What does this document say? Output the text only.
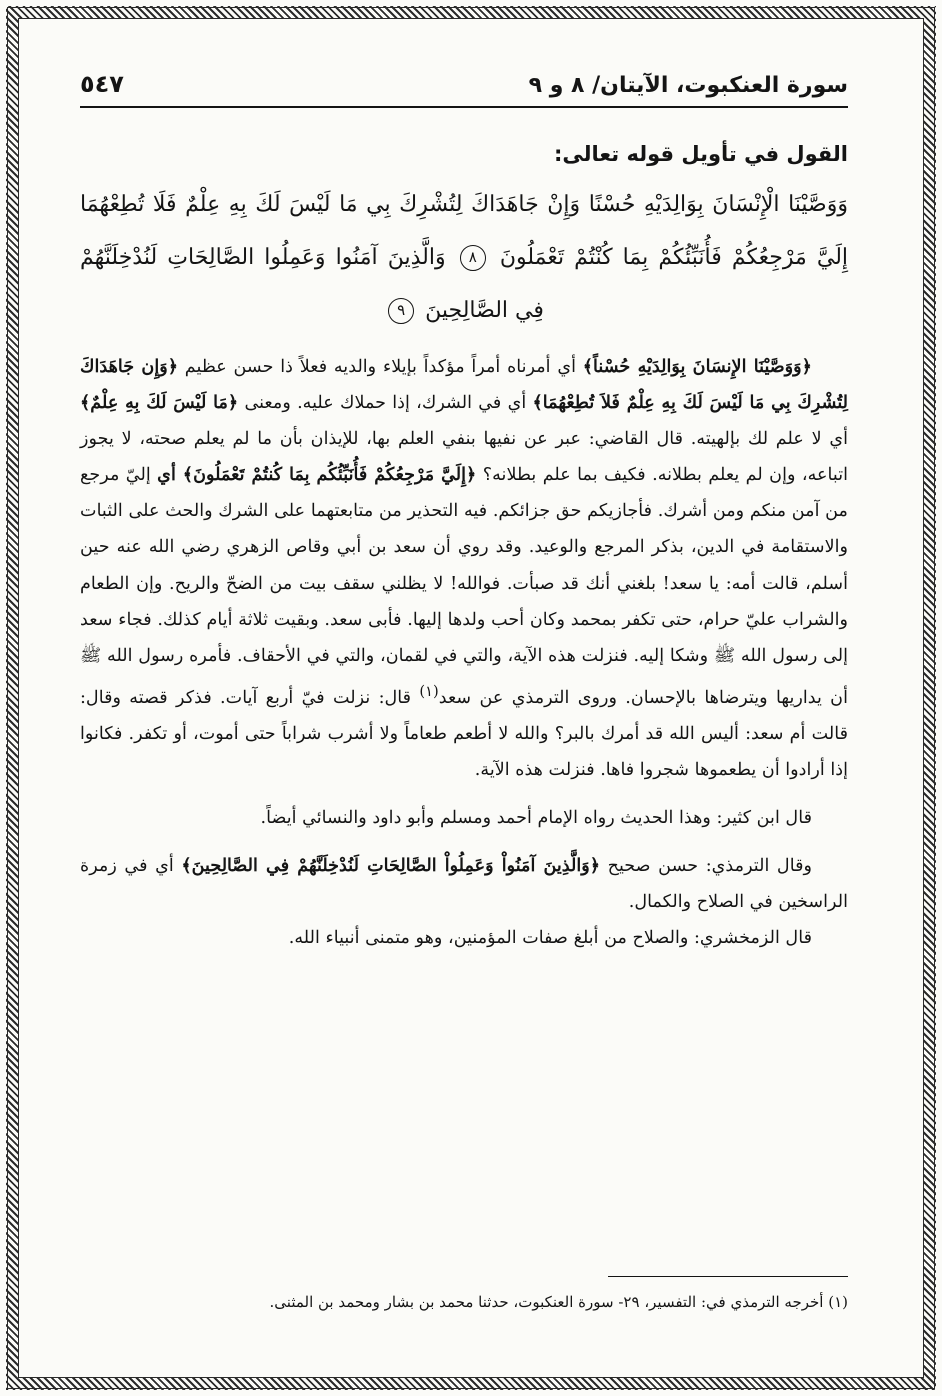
سورة العنكبوت، الآيتان/ ٨ و ٩
٥٤٧
القول في تأويل قوله تعالى:
وَوَصَّيْنَا الْإِنْسَانَ بِوَالِدَيْهِ حُسْنًا وَإِنْ جَاهَدَاكَ لِتُشْرِكَ بِي مَا لَيْسَ لَكَ بِهِ عِلْمٌ فَلَا تُطِعْهُمَا إِلَيَّ مَرْجِعُكُمْ فَأُنَبِّئُكُمْ بِمَا كُنْتُمْ تَعْمَلُونَ ٨ وَالَّذِينَ آمَنُوا وَعَمِلُوا الصَّالِحَاتِ لَنُدْخِلَنَّهُمْ فِي الصَّالِحِينَ ٩

﴿وَوَصَّيْنَا الإِنسَانَ بِوَالِدَيْهِ حُسْناً﴾ أي أمرناه أمراً مؤكداً بإيلاء والديه فعلاً ذا حسن عظيم ﴿وَإِن جَاهَدَاكَ لِتُشْرِكَ بِي مَا لَيْسَ لَكَ بِهِ عِلْمٌ فَلاَ تُطِعْهُمَا﴾ أي في الشرك، إذا حملاك عليه. ومعنى ﴿مَا لَيْسَ لَكَ بِهِ عِلْمٌ﴾ أي لا علم لك بإلهيته. قال القاضي: عبر عن نفيها بنفي العلم بها، للإيذان بأن ما لم يعلم صحته، لا يجوز اتباعه، وإن لم يعلم بطلانه. فكيف بما علم بطلانه؟ ﴿إِلَيَّ مَرْجِعُكُمْ فَأُنَبِّئُكُم بِمَا كُنتُمْ تَعْمَلُونَ﴾ أي إليّ مرجع من آمن منكم ومن أشرك. فأجازيكم حق جزائكم. فيه التحذير من متابعتهما على الشرك والحث على الثبات والاستقامة في الدين، بذكر المرجع والوعيد. وقد روي أن سعد بن أبي وقاص الزهري رضي الله عنه حين أسلم، قالت أمه: يا سعد! بلغني أنك قد صبأت. فوالله! لا يظلني سقف بيت من الضحّ والريح. وإن الطعام والشراب عليّ حرام، حتى تكفر بمحمد وكان أحب ولدها إليها. فأبى سعد. وبقيت ثلاثة أيام كذلك. فجاء سعد إلى رسول الله ﷺ وشكا إليه. فنزلت هذه الآية، والتي في لقمان، والتي في الأحقاف. فأمره رسول الله ﷺ أن يداريها ويترضاها بالإحسان. وروى الترمذي عن سعد$^{(١)}$ قال: نزلت فيّ أربع آيات. فذكر قصته وقال: قالت أم سعد: أليس الله قد أمرك بالبر؟ والله لا أطعم طعاماً ولا أشرب شراباً حتى أموت، أو تكفر. فكانوا إذا أرادوا أن يطعموها شجروا فاها. فنزلت هذه الآية.

قال ابن كثير: وهذا الحديث رواه الإمام أحمد ومسلم وأبو داود والنسائي أيضاً.

وقال الترمذي: حسن صحيح ﴿وَالَّذِينَ آمَنُواْ وَعَمِلُواْ الصَّالِحَاتِ لَنُدْخِلَنَّهُمْ فِي الصَّالِحِينَ﴾ أي في زمرة الراسخين في الصلاح والكمال.

قال الزمخشري: والصلاح من أبلغ صفات المؤمنين، وهو متمنى أنبياء الله.

(١) أخرجه الترمذي في: التفسير، ٢٩- سورة العنكبوت، حدثنا محمد بن بشار ومحمد بن المثنى.
